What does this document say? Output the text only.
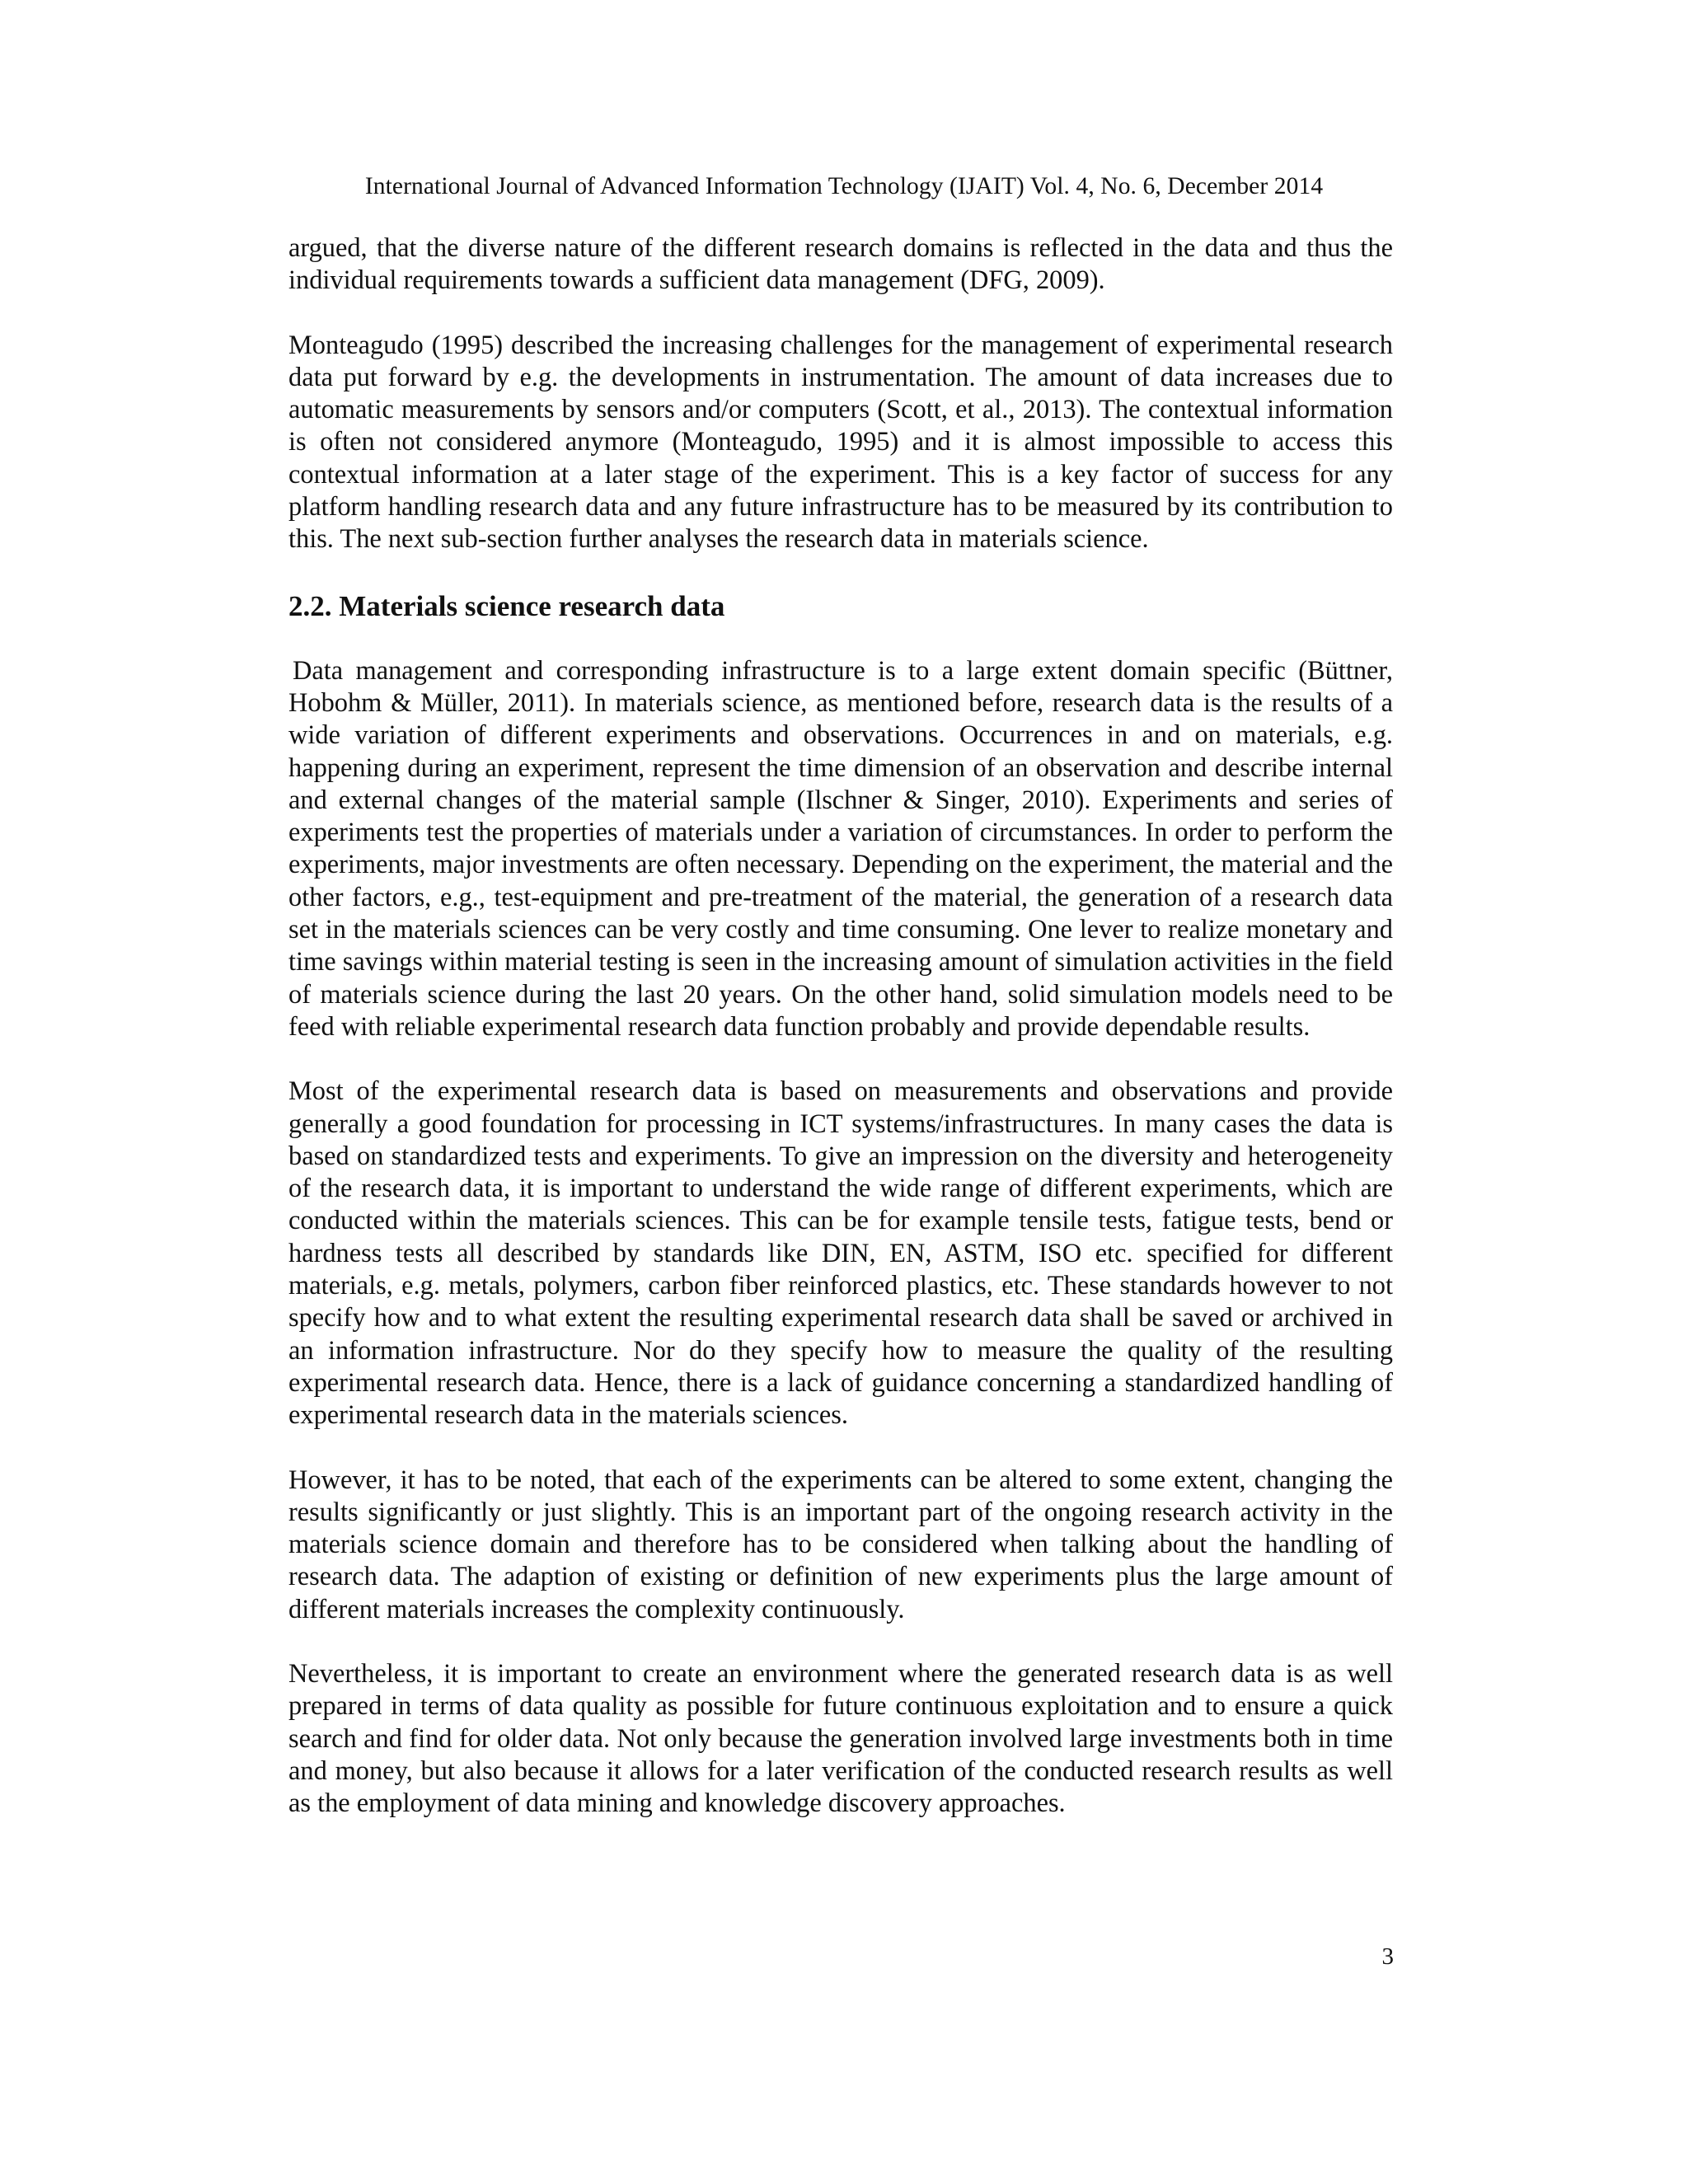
International Journal of Advanced Information Technology (IJAIT) Vol. 4, No. 6, December 2014

argued, that the diverse nature of the different research domains is reflected in the data and thus the individual requirements towards a sufficient data management (DFG, 2009).

Monteagudo (1995) described the increasing challenges for the management of experimental research data put forward by e.g. the developments in instrumentation. The amount of data increases due to automatic measurements by sensors and/or computers (Scott, et al., 2013). The contextual information is often not considered anymore (Monteagudo, 1995) and it is almost impossible to access this contextual information at a later stage of the experiment. This is a key factor of success for any platform handling research data and any future infrastructure has to be measured by its contribution to this. The next sub-section further analyses the research data in materials science.

2.2. Materials science research data

Data management and corresponding infrastructure is to a large extent domain specific (Büttner, Hobohm & Müller, 2011). In materials science, as mentioned before, research data is the results of a wide variation of different experiments and observations. Occurrences in and on materials, e.g. happening during an experiment, represent the time dimension of an observation and describe internal and external changes of the material sample (Ilschner & Singer, 2010). Experiments and series of experiments test the properties of materials under a variation of circumstances. In order to perform the experiments, major investments are often necessary. Depending on the experiment, the material and the other factors, e.g., test-equipment and pre-treatment of the material, the generation of a research data set in the materials sciences can be very costly and time consuming. One lever to realize monetary and time savings within material testing is seen in the increasing amount of simulation activities in the field of materials science during the last 20 years. On the other hand, solid simulation models need to be feed with reliable experimental research data function probably and provide dependable results.

Most of the experimental research data is based on measurements and observations and provide generally a good foundation for processing in ICT systems/infrastructures. In many cases the data is based on standardized tests and experiments. To give an impression on the diversity and heterogeneity of the research data, it is important to understand the wide range of different experiments, which are conducted within the materials sciences. This can be for example tensile tests, fatigue tests, bend or hardness tests all described by standards like DIN, EN, ASTM, ISO etc. specified for different materials, e.g. metals, polymers, carbon fiber reinforced plastics, etc. These standards however to not specify how and to what extent the resulting experimental research data shall be saved or archived in an information infrastructure. Nor do they specify how to measure the quality of the resulting experimental research data. Hence, there is a lack of guidance concerning a standardized handling of experimental research data in the materials sciences.

However, it has to be noted, that each of the experiments can be altered to some extent, changing the results significantly or just slightly. This is an important part of the ongoing research activity in the materials science domain and therefore has to be considered when talking about the handling of research data. The adaption of existing or definition of new experiments plus the large amount of different materials increases the complexity continuously.

Nevertheless, it is important to create an environment where the generated research data is as well prepared in terms of data quality as possible for future continuous exploitation and to ensure a quick search and find for older data. Not only because the generation involved large investments both in time and money, but also because it allows for a later verification of the conducted research results as well as the employment of data mining and knowledge discovery approaches.

3
